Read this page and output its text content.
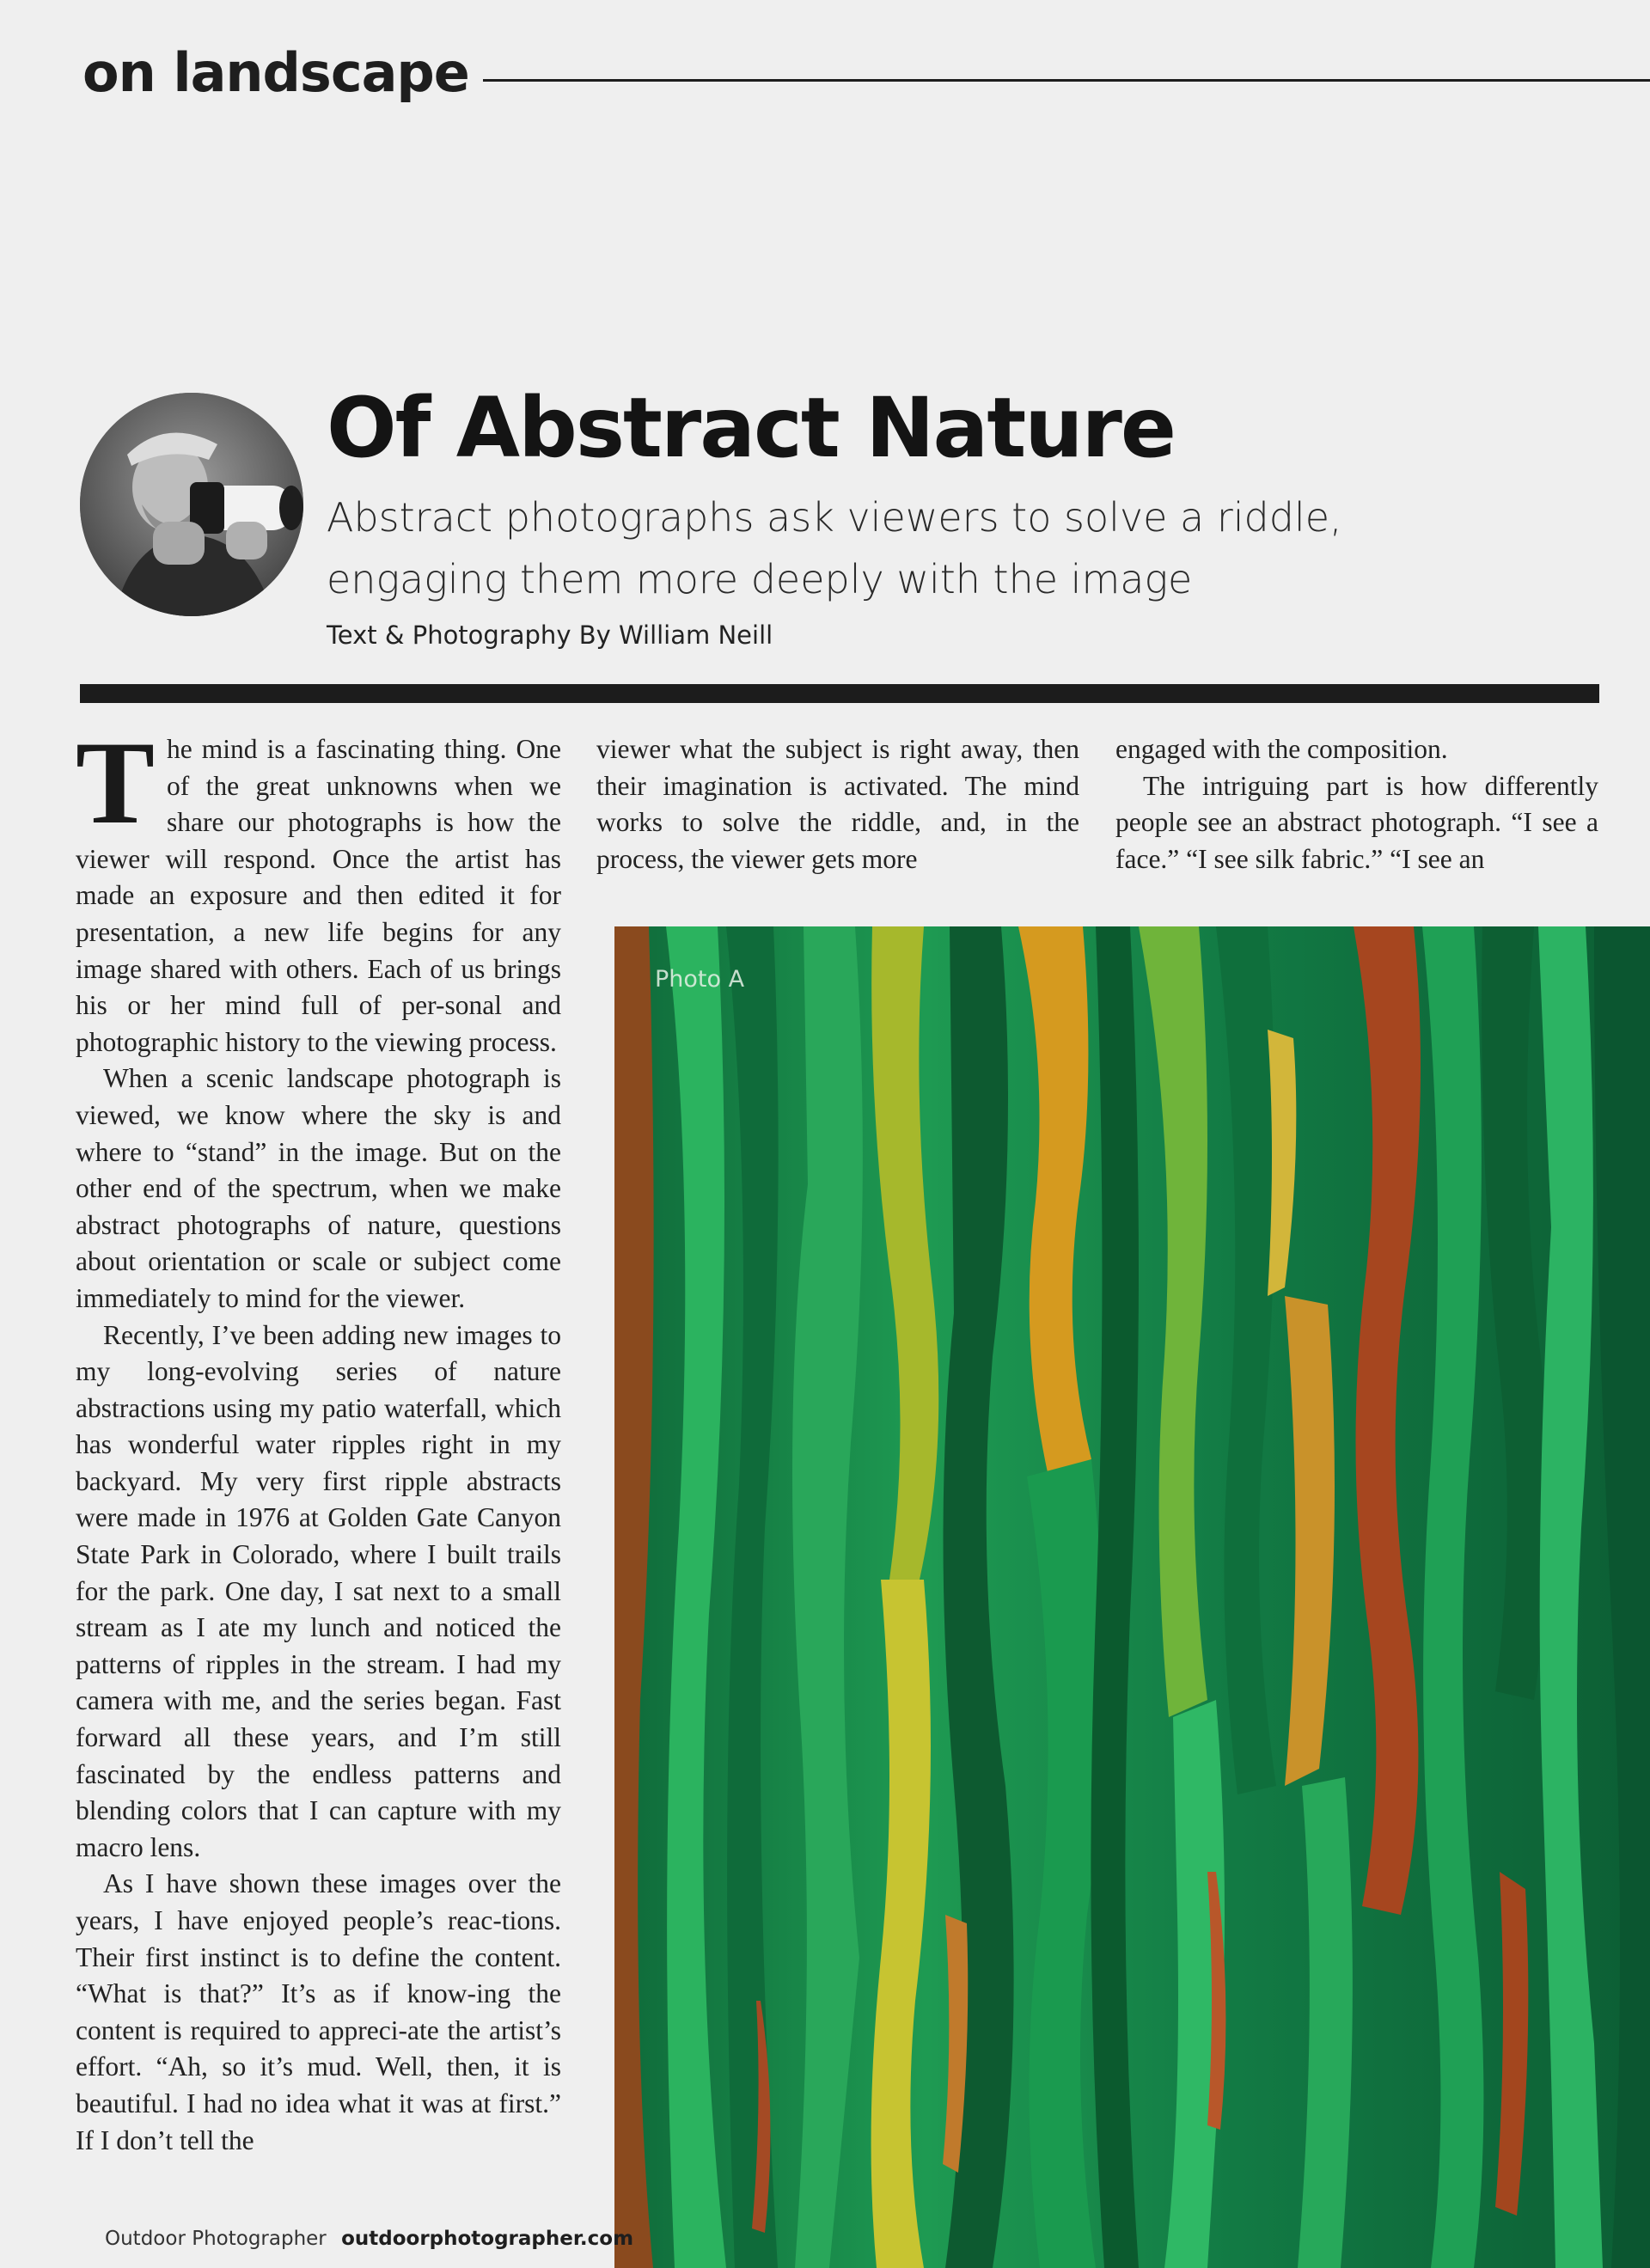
on landscape
Of Abstract Nature
Abstract photographs ask viewers to solve a riddle,
engaging them more deeply with the image
Text & Photography By William Neill

The mind is a fascinating thing. One of the great unknowns when we share our photographs is how the viewer will respond. Once the artist has made an exposure and then edited it for presentation, a new life begins for any image shared with others. Each of us brings his or her mind full of per-sonal and photographic history to the viewing process.

When a scenic landscape photograph is viewed, we know where the sky is and where to “stand” in the image. But on the other end of the spectrum, when we make abstract photographs of nature, questions about orientation or scale or subject come immediately to mind for the viewer.

Recently, I’ve been adding new images to my long-evolving series of nature abstractions using my patio waterfall, which has wonderful water ripples right in my backyard. My very first ripple abstracts were made in 1976 at Golden Gate Canyon State Park in Colorado, where I built trails for the park. One day, I sat next to a small stream as I ate my lunch and noticed the patterns of ripples in the stream. I had my camera with me, and the series began. Fast forward all these years, and I’m still fascinated by the endless patterns and blending colors that I can capture with my macro lens.

As I have shown these images over the years, I have enjoyed people’s reac-tions. Their first instinct is to define the content. “What is that?” It’s as if know-ing the content is required to appreci-ate the artist’s effort. “Ah, so it’s mud. Well, then, it is beautiful. I had no idea what it was at first.” If I don’t tell the

viewer what the subject is right away, then their imagination is activated. The mind works to solve the riddle, and, in the process, the viewer gets more

engaged with the composition.

The intriguing part is how differently people see an abstract photograph. “I see a face.” “I see silk fabric.” “I see an

Photo A
Outdoor Photographer outdoorphotographer.com
